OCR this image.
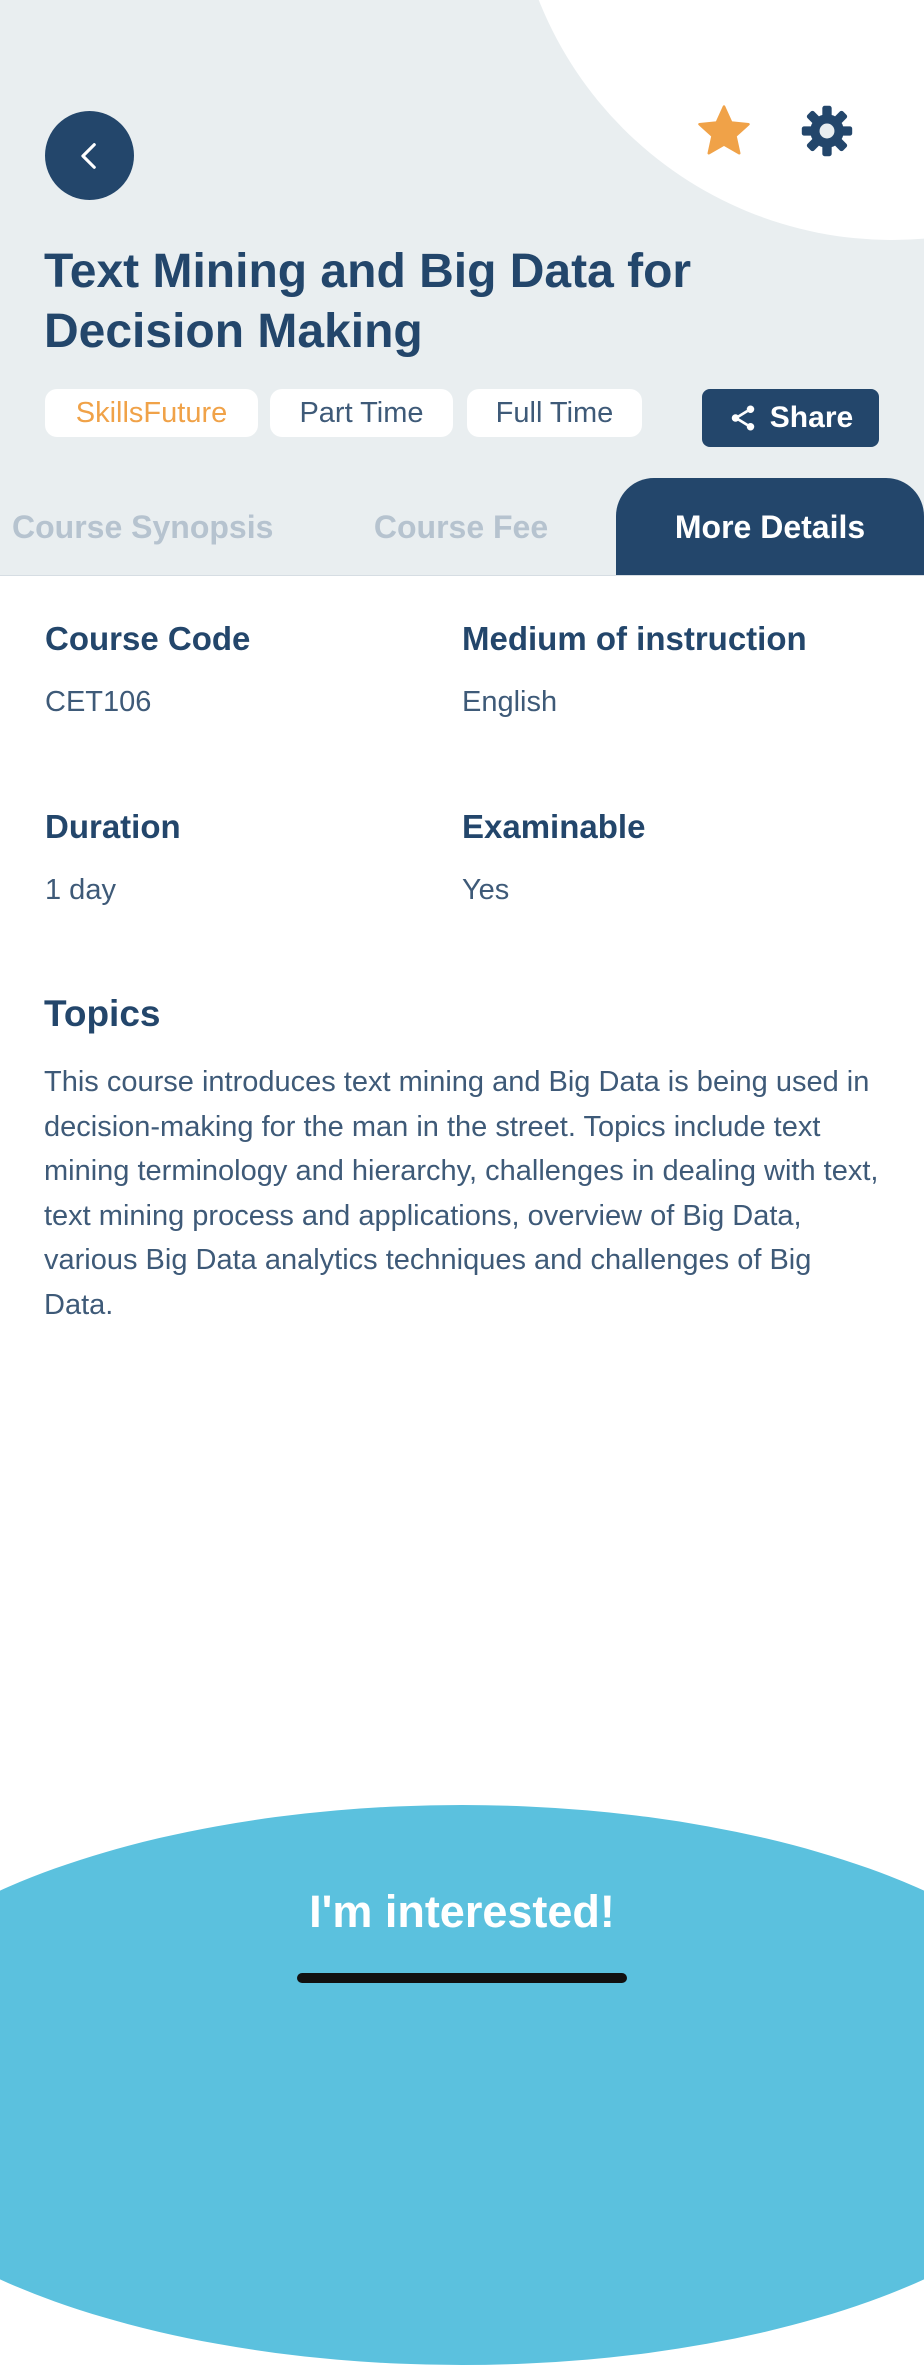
Text Mining and Big Data for Decision Making
SkillsFuture	Part Time	Full Time	Share
Course Synopsis	Course Fee	More Details
Course Code
CET106
Medium of instruction
English
Duration
1 day
Examinable
Yes
Topics

This course introduces text mining and Big Data is being used in decision-making for the man in the street. Topics include text mining terminology and hierarchy, challenges in dealing with text, text mining process and applications, overview of Big Data, various Big Data analytics techniques and challenges of Big Data.

I'm interested!
